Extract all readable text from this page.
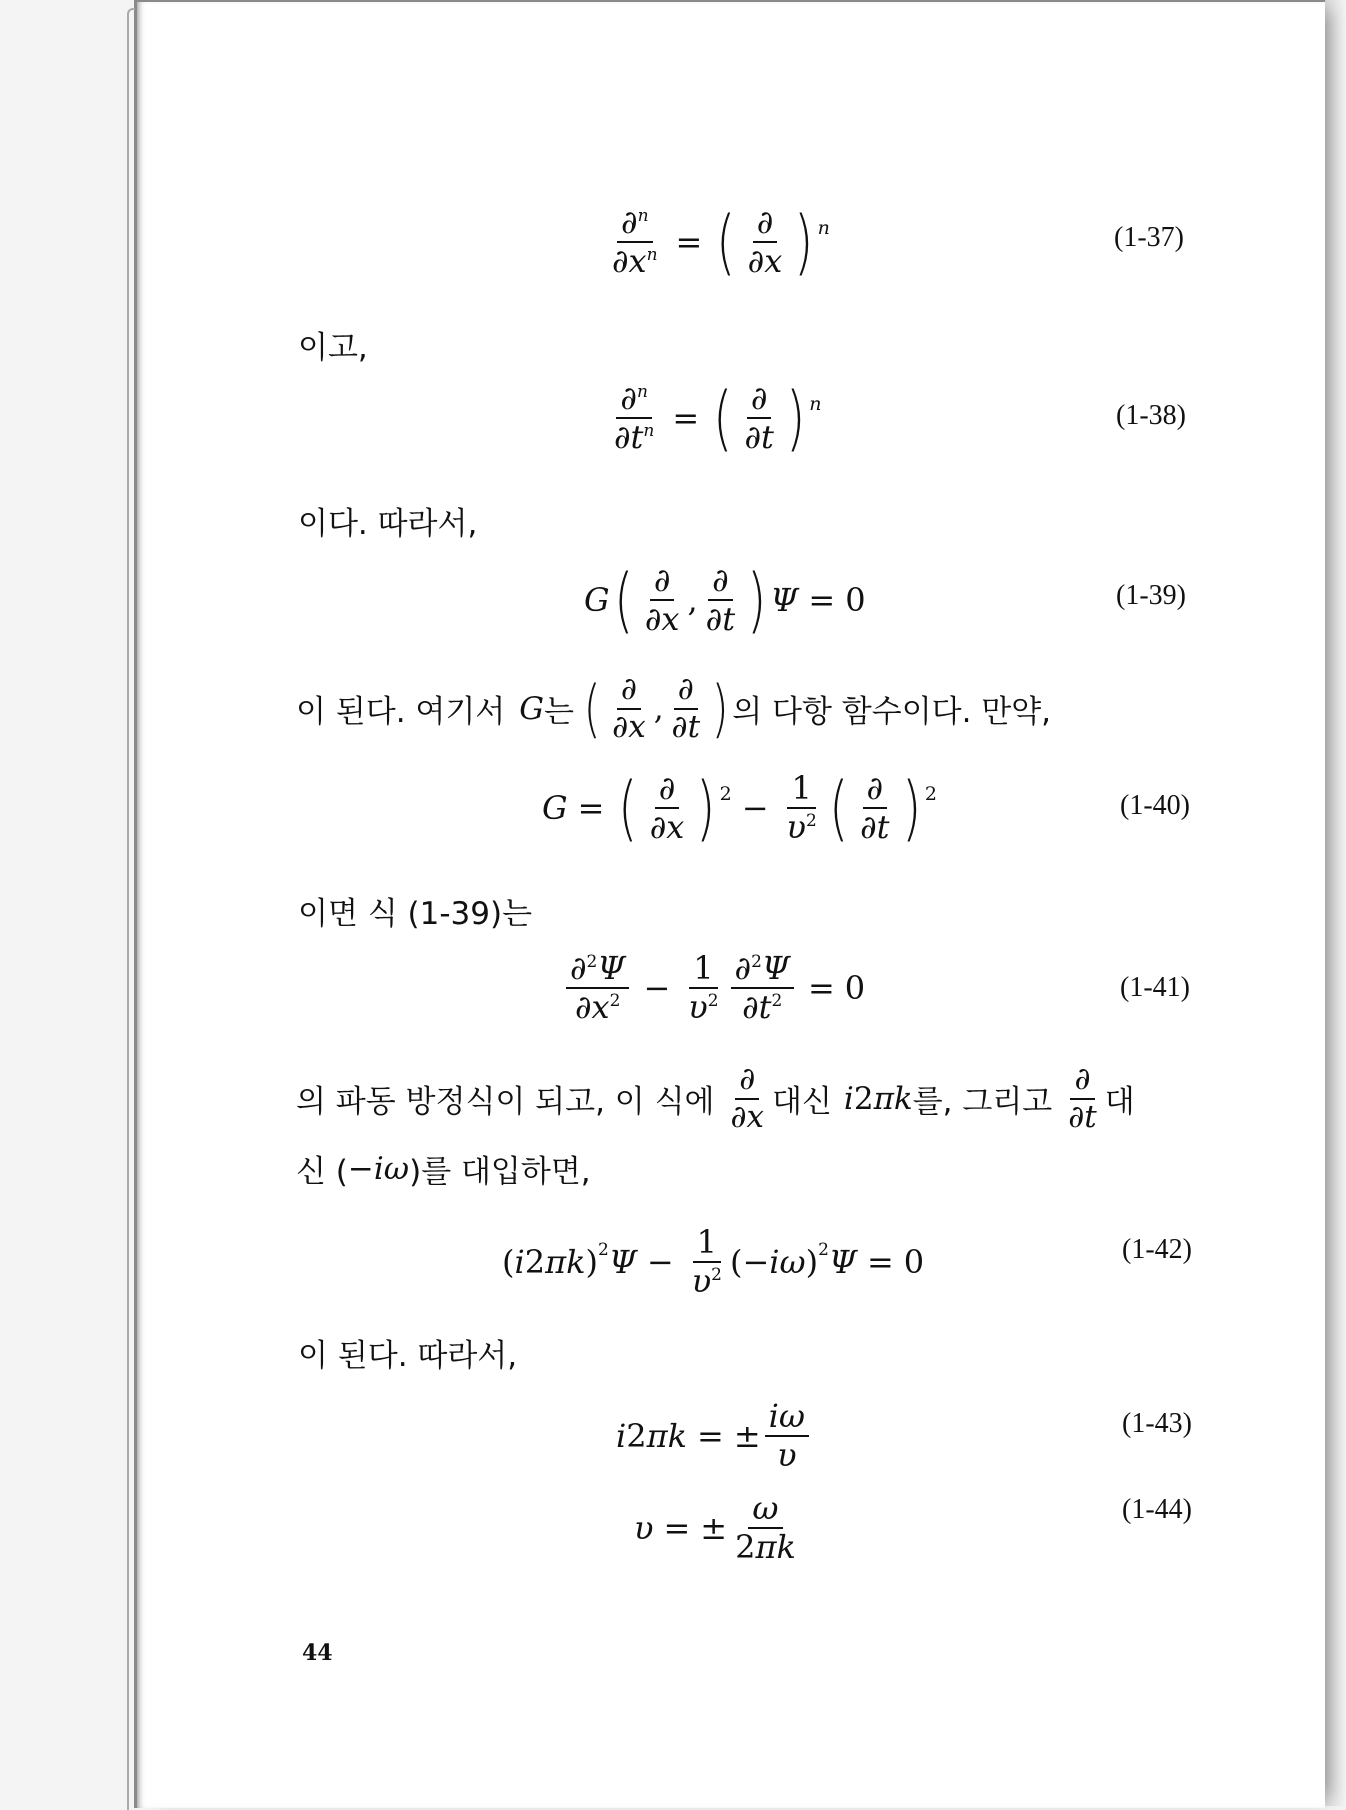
$\frac{\partial^n}{\partial x^n}$ = ( $\frac{\partial}{\partial x}$ ) n	(1-37)
이고,
$\frac{\partial^n}{\partial t^n}$ = ( $\frac{\partial}{\partial t}$ ) n	(1-38)
이다. 따라서,
G ( $\frac{\partial}{\partial x}$ , $\frac{\partial}{\partial t}$ ) Ψ = 0	(1-39)
이 된다. 여기서 G 는 ( $\frac{\partial}{\partial x}$ , $\frac{\partial}{\partial t}$ ) 의 다항 함수이다. 만약,
G = ( $\frac{\partial}{\partial x}$ ) $2 - \frac{1}{\upsilon^2}$ ( $\frac{\partial}{\partial t}$ ) 2	(1-40)
이면 식 (1-39)는
$\frac{\partial^2\Psi}{\partial x^2} - \frac{1}{\upsilon^2} \frac{\partial^2\Psi}{\partial t^2} = 0$	(1-41)
의 파동 방정식이 되고, 이 식에 $\frac{\partial}{\partial x}$ 대신 i 2 πk 를, 그리고 $\frac{\partial}{\partial t}$ 대
신 ( −iω )를 대입하면,
( i 2 πk ) 2 $\Psi - \frac{1}{\upsilon^2}$ (− iω ) 2 Ψ = 0	(1-42)
이 된다. 따라서,
i 2 πk = ± $\frac{i\omega}{\upsilon}$	(1-43)
υ = ± $\frac{\omega}{2\pi k}$	(1-44)
44
